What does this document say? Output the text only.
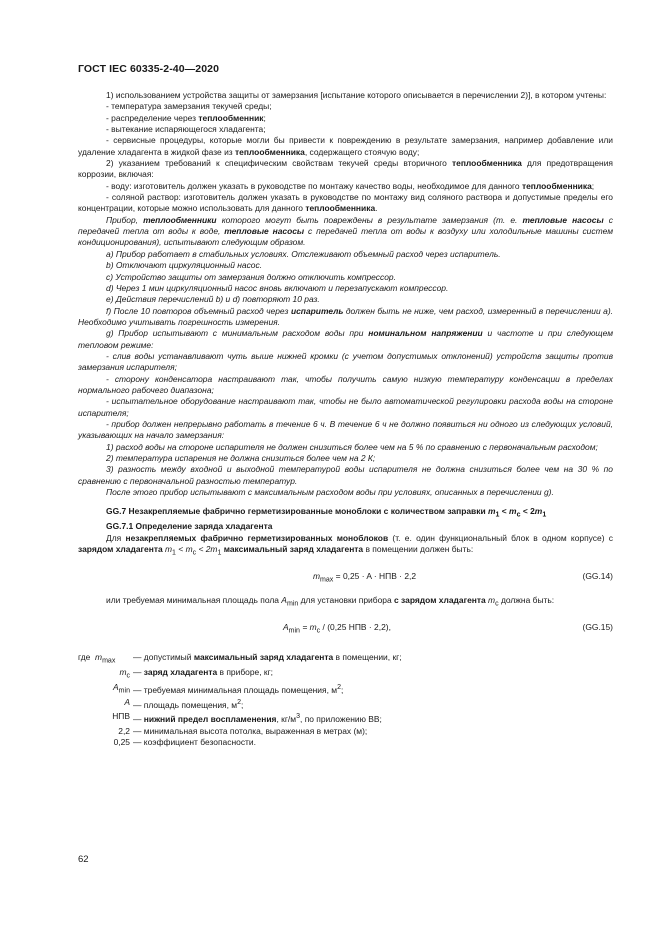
ГОСТ IEC 60335-2-40—2020

1) использованием устройства защиты от замерзания [испытание которого описывается в перечислении 2)], в котором учтены:

- температура замерзания текучей среды;

- распределение через теплообменник;

- вытекание испаряющегося хладагента;

- сервисные процедуры, которые могли бы привести к повреждению в результате замерзания, например добавление или удаление хладагента в жидкой фазе из теплообменника, содержащего стоячую воду;

2) указанием требований к специфическим свойствам текучей среды вторичного теплообменника для предотвращения коррозии, включая:

- воду: изготовитель должен указать в руководстве по монтажу качество воды, необходимое для данного теплообменника;

- соляной раствор: изготовитель должен указать в руководстве по монтажу вид соляного раствора и допустимые пределы его концентрации, которые можно использовать для данного теплообменника.

Прибор, теплообменники которого могут быть повреждены в результате замерзания (т. е. тепловые насосы с передачей тепла от воды к воде, тепловые насосы с передачей тепла от воды к воздуху или холодильные машины систем кондиционирования), испытывают следующим образом.

a) Прибор работает в стабильных условиях. Отслеживают объемный расход через испаритель.

b) Отключают циркуляционный насос.

c) Устройство защиты от замерзания должно отключить компрессор.

d) Через 1 мин циркуляционный насос вновь включают и перезапускают компрессор.

e) Действия перечислений b) и d) повторяют 10 раз.

f) После 10 повторов объемный расход через испаритель должен быть не ниже, чем расход, измеренный в перечислении a). Необходимо учитывать погрешность измерения.

g) Прибор испытывают с минимальным расходом воды при номинальном напряжении и частоте и при следующем тепловом режиме:

- слив воды устанавливают чуть выше нижней кромки (с учетом допустимых отклонений) устройств защиты против замерзания испарителя;

- сторону конденсатора настраивают так, чтобы получить самую низкую температуру конденсации в пределах нормального рабочего диапазона;

- испытательное оборудование настраивают так, чтобы не было автоматической регулировки расхода воды на стороне испарителя;

- прибор должен непрерывно работать в течение 6 ч. В течение 6 ч не должно появиться ни одного из следующих условий, указывающих на начало замерзания:

1) расход воды на стороне испарителя не должен снизиться более чем на 5 % по сравнению с первоначальным расходом;

2) температура испарения не должна снизиться более чем на 2 К;

3) разность между входной и выходной температурой воды испарителя не должна снизиться более чем на 30 % по сравнению с первоначальной разностью температур.

После этого прибор испытывают с максимальным расходом воды при условиях, описанных в перечислении g).

GG.7 Незакрепляемые фабрично герметизированные моноблоки с количеством заправки $m_1 < m_c < 2m_1$

GG.7.1 Определение заряда хладагента

Для незакрепляемых фабрично герметизированных моноблоков (т. е. один функциональный блок в одном корпусе) с зарядом хладагента $m_1 < m_c < 2m_1$ максимальный заряд хладагента в помещении должен быть:

$m_{max} = 0,25 \cdot A$ · НПВ · 2,2	(GG.14)

или требуемая минимальная площадь пола $A_{min}$ для установки прибора с зарядом хладагента $m_c$ должна быть:

$A_{min} = m_c / (0,25$ НПВ · 2,2),	(GG.15)
где $m_{max}$	— допустимый максимальный заряд хладагента в помещении, кг;
$m_c$ — заряд хладагента в приборе, кг;
$A_{min}$ — требуемая минимальная площадь помещения, $м^2$;
A — площадь помещения, $м^2$;
НПВ — нижний предел воспламенения, $кг/м^3$, по приложению ВВ;
2,2 — минимальная высота потолка, выраженная в метрах (м);
0,25 — коэффициент безопасности.
62
